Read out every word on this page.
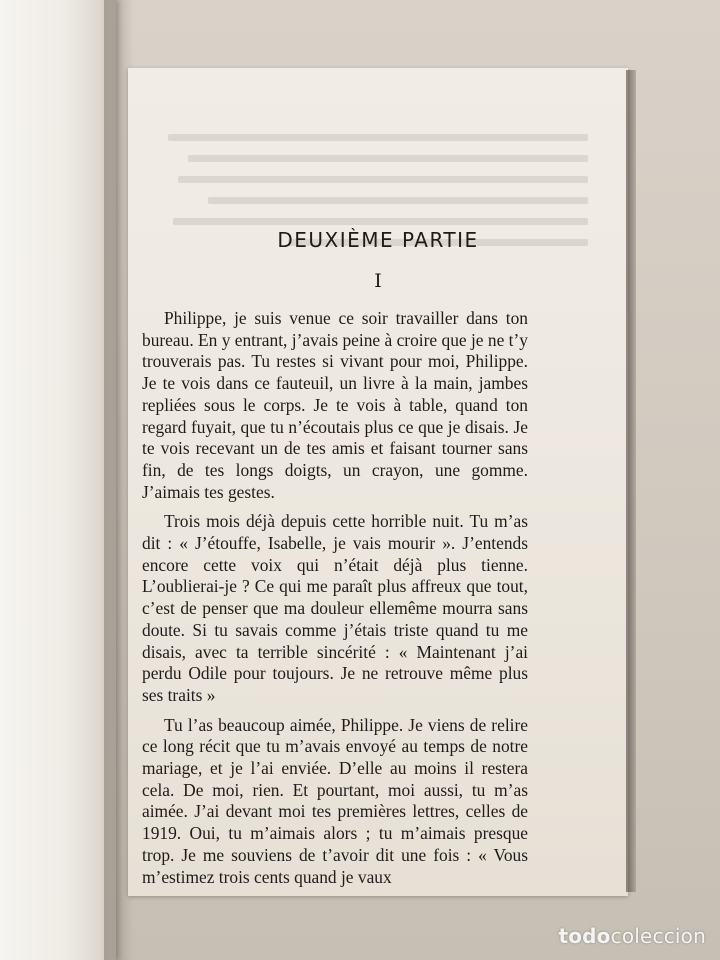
DEUXIÈME PARTIE
I

Philippe, je suis venue ce soir travailler dans ton bureau. En y entrant, j’avais peine à croire que je ne t’y trouverais pas. Tu restes si vivant pour moi, Philippe. Je te vois dans ce fauteuil, un livre à la main, jambes repliées sous le corps. Je te vois à table, quand ton regard fuyait, que tu n’écoutais plus ce que je disais. Je te vois recevant un de tes amis et faisant tourner sans fin, de tes longs doigts, un crayon, une gomme. J’aimais tes gestes.

Trois mois déjà depuis cette horrible nuit. Tu m’as dit : « J’étouffe, Isabelle, je vais mourir ». J’entends encore cette voix qui n’était déjà plus tienne. L’oublierai-je ? Ce qui me paraît plus affreux que tout, c’est de penser que ma douleur ellemême mourra sans doute. Si tu savais comme j’étais triste quand tu me disais, avec ta terrible sincérité : « Maintenant j’ai perdu Odile pour toujours. Je ne retrouve même plus ses traits »

Tu l’as beaucoup aimée, Philippe. Je viens de relire ce long récit que tu m’avais envoyé au temps de notre mariage, et je l’ai enviée. D’elle au moins il restera cela. De moi, rien. Et pourtant, moi aussi, tu m’as aimée. J’ai devant moi tes premières lettres, celles de 1919. Oui, tu m’aimais alors ; tu m’aimais presque trop. Je me souviens de t’avoir dit une fois : « Vous m’estimez trois cents quand je vaux

todocoleccion
